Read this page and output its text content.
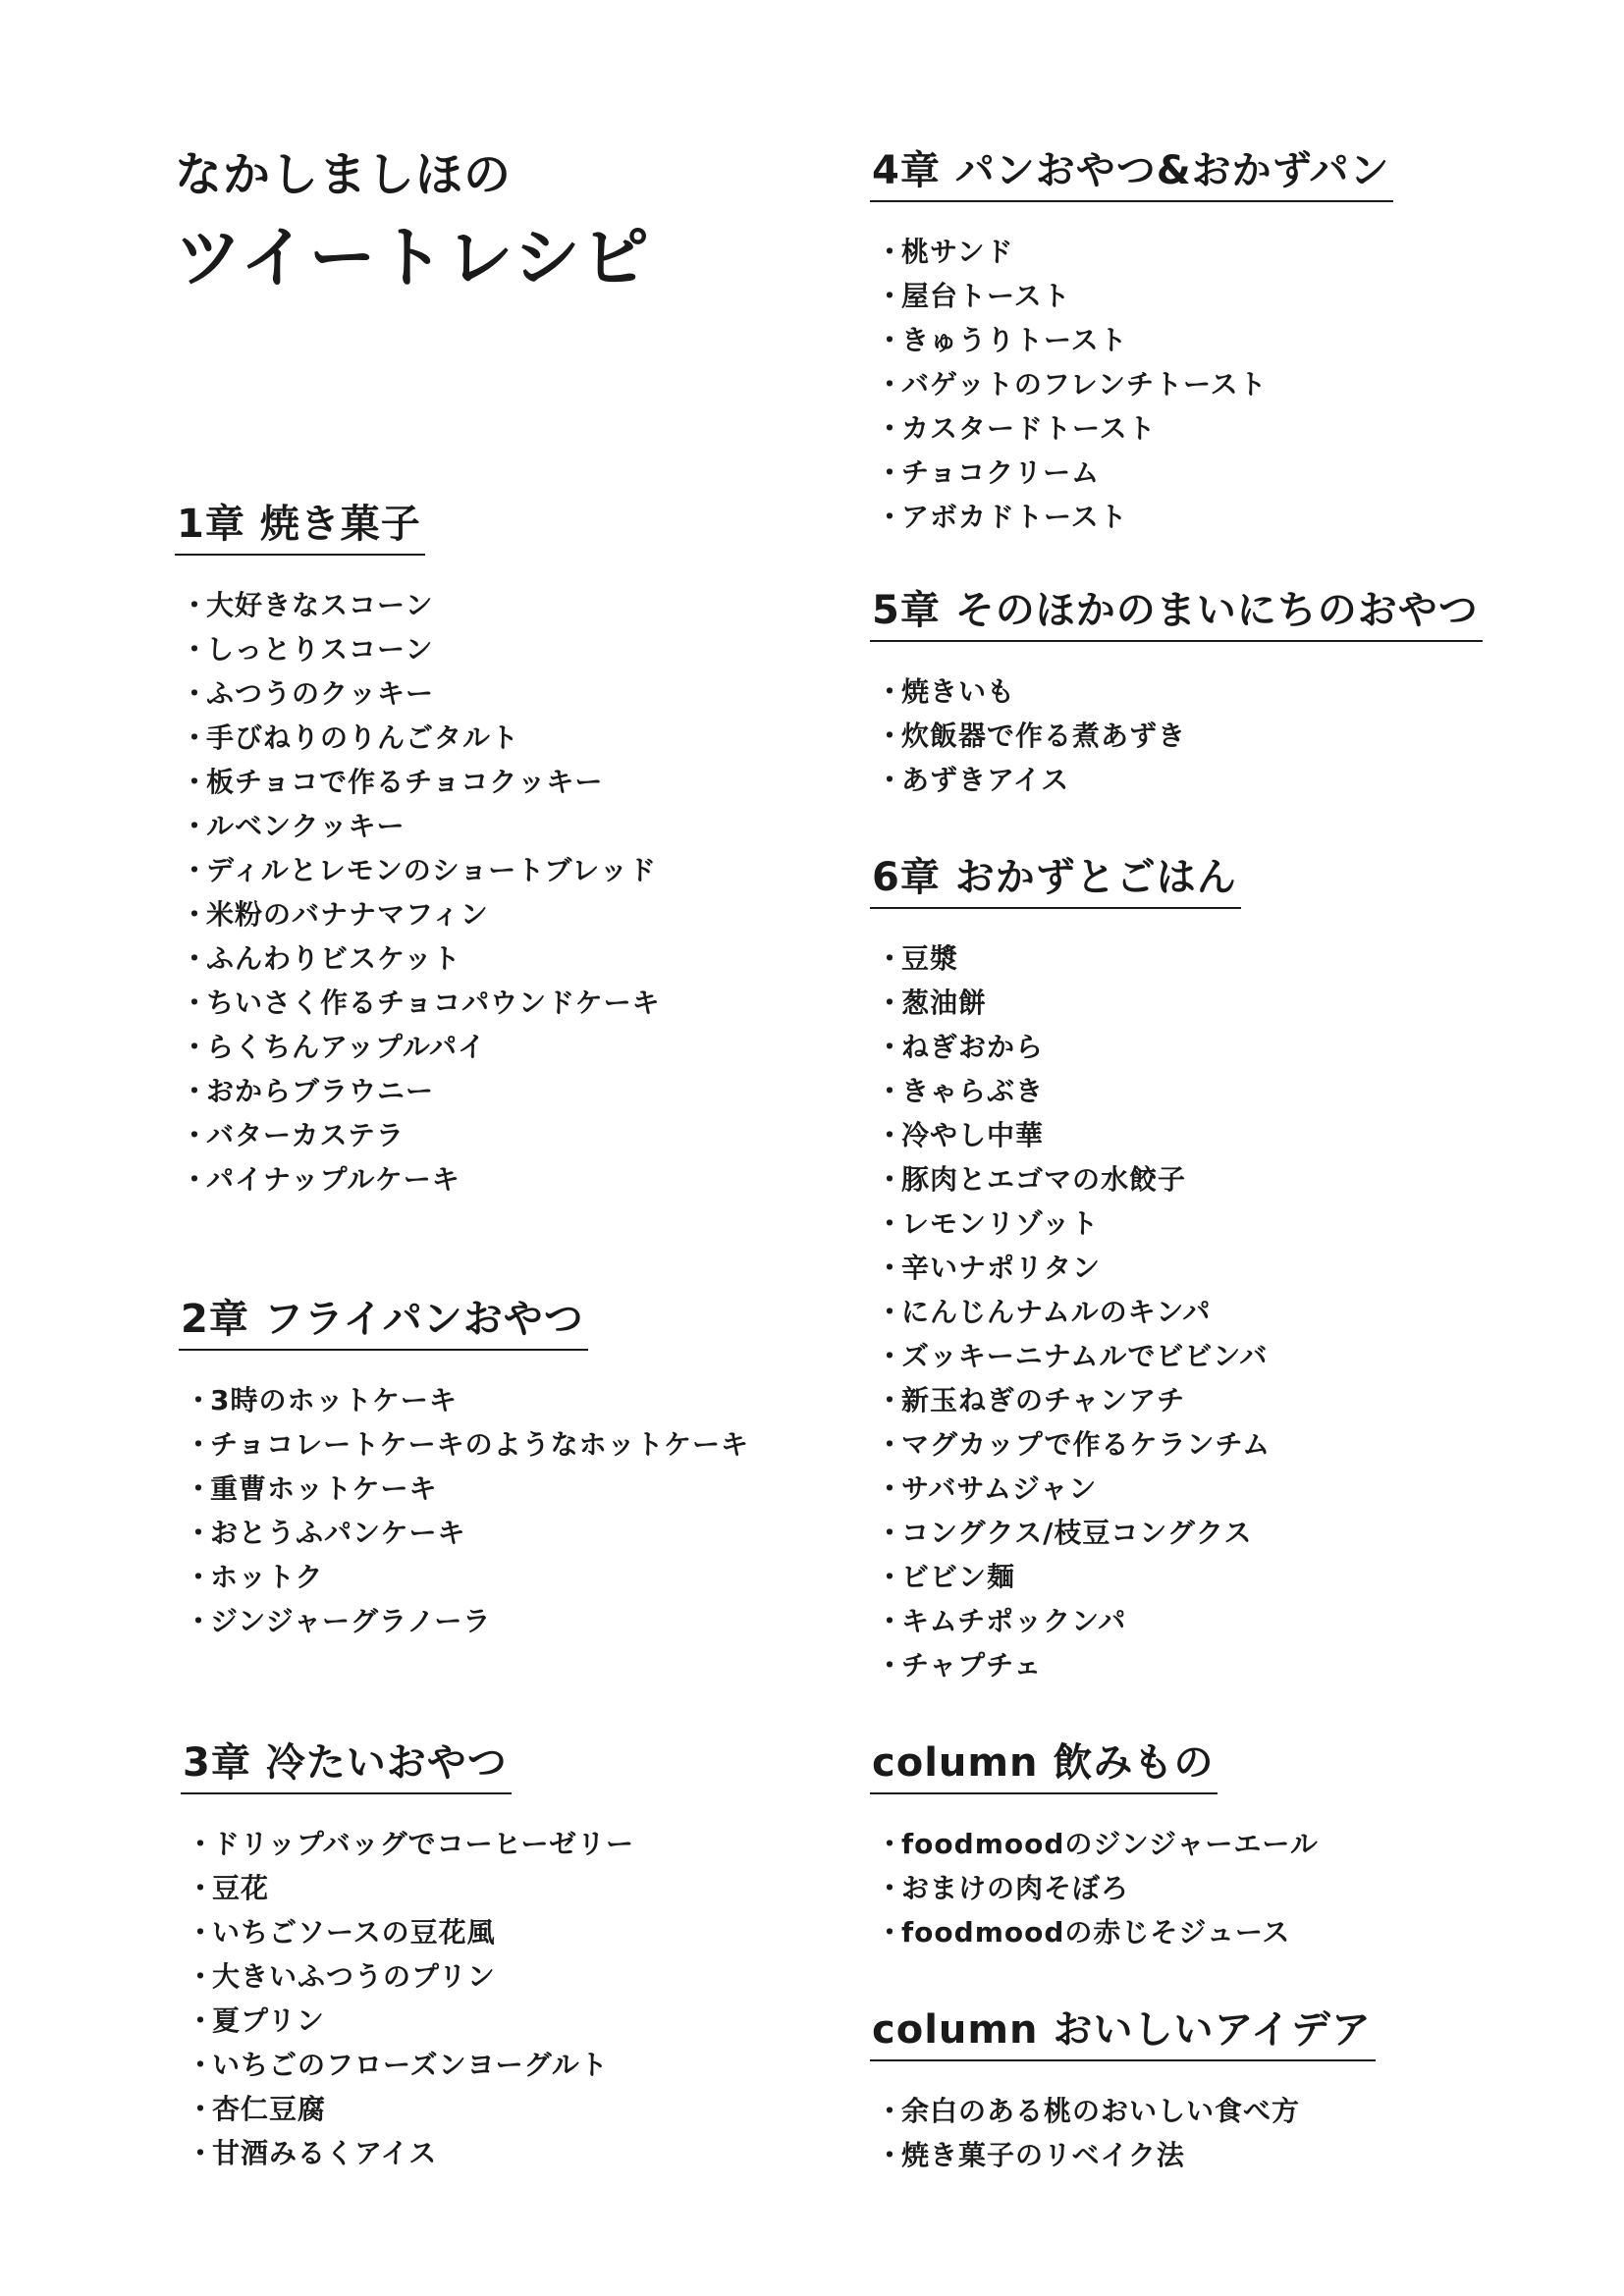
なかしましほの
ツイートレシピ
1章 焼き菓子
・大好きなスコーン
・しっとりスコーン
・ふつうのクッキー
・手びねりのりんごタルト
・板チョコで作るチョコクッキー
・ルベンクッキー
・ディルとレモンのショートブレッド
・米粉のバナナマフィン
・ふんわりビスケット
・ちいさく作るチョコパウンドケーキ
・らくちんアップルパイ
・おからブラウニー
・バターカステラ
・パイナップルケーキ
2章 フライパンおやつ
・3時のホットケーキ
・チョコレートケーキのようなホットケーキ
・重曹ホットケーキ
・おとうふパンケーキ
・ホットク
・ジンジャーグラノーラ
3章 冷たいおやつ
・ドリップバッグでコーヒーゼリー
・豆花
・いちごソースの豆花風
・大きいふつうのプリン
・夏プリン
・いちごのフローズンヨーグルト
・杏仁豆腐
・甘酒みるくアイス
4章 パンおやつ&おかずパン
・桃サンド
・屋台トースト
・きゅうりトースト
・バゲットのフレンチトースト
・カスタードトースト
・チョコクリーム
・アボカドトースト
5章 そのほかのまいにちのおやつ
・焼きいも
・炊飯器で作る煮あずき
・あずきアイス
6章 おかずとごはん
・豆漿
・葱油餅
・ねぎおから
・きゃらぶき
・冷やし中華
・豚肉とエゴマの水餃子
・レモンリゾット
・辛いナポリタン
・にんじんナムルのキンパ
・ズッキーニナムルでビビンバ
・新玉ねぎのチャンアチ
・マグカップで作るケランチム
・サバサムジャン
・コングクス/枝豆コングクス
・ビビン麺
・キムチポックンパ
・チャプチェ
column 飲みもの
・foodmoodのジンジャーエール
・おまけの肉そぼろ
・foodmoodの赤じそジュース
column おいしいアイデア
・余白のある桃のおいしい食べ方
・焼き菓子のリベイク法
